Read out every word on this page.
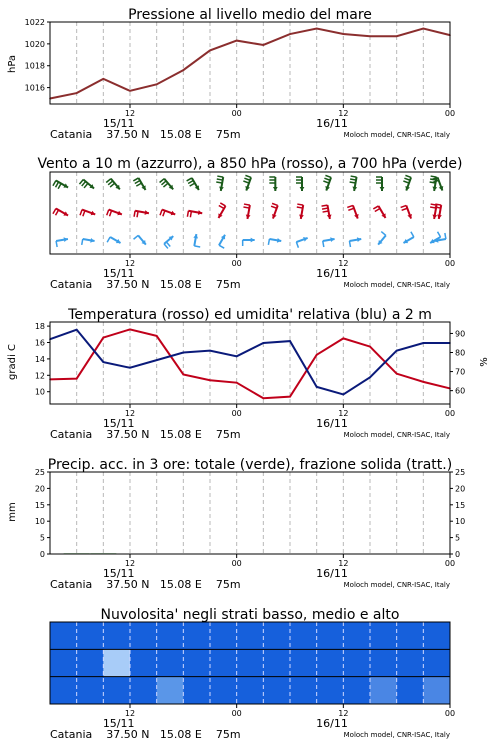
Pressione al livello medio del mare
hPa
12	00	12	00
15/11	16/11
Catania    37.50 N   15.08 E    75m	Moloch model, CNR-ISAC, Italy
1016
1018
1020
1022
Vento a 10 m (azzurro), a 850 hPa (rosso), a 700 hPa (verde)
12	00	12	00
15/11	16/11
Catania    37.50 N   15.08 E    75m	Moloch model, CNR-ISAC, Italy
Temperatura (rosso) ed umidita' relativa (blu) a 2 m
gradi C	%
12	00	12	00
15/11	16/11
Catania    37.50 N   15.08 E    75m	Moloch model, CNR-ISAC, Italy
10
12
14
16
18
60
70
80
90
Precip. acc. in 3 ore: totale (verde), frazione solida (tratt.)
mm
12	00	12	00
15/11	16/11
Catania    37.50 N   15.08 E    75m	Moloch model, CNR-ISAC, Italy
0	0
5	5
10	10
15	15
20	20
25	25
Nuvolosita' negli strati basso, medio e alto
12	00	12	00
15/11	16/11
Catania    37.50 N   15.08 E    75m	Moloch model, CNR-ISAC, Italy
